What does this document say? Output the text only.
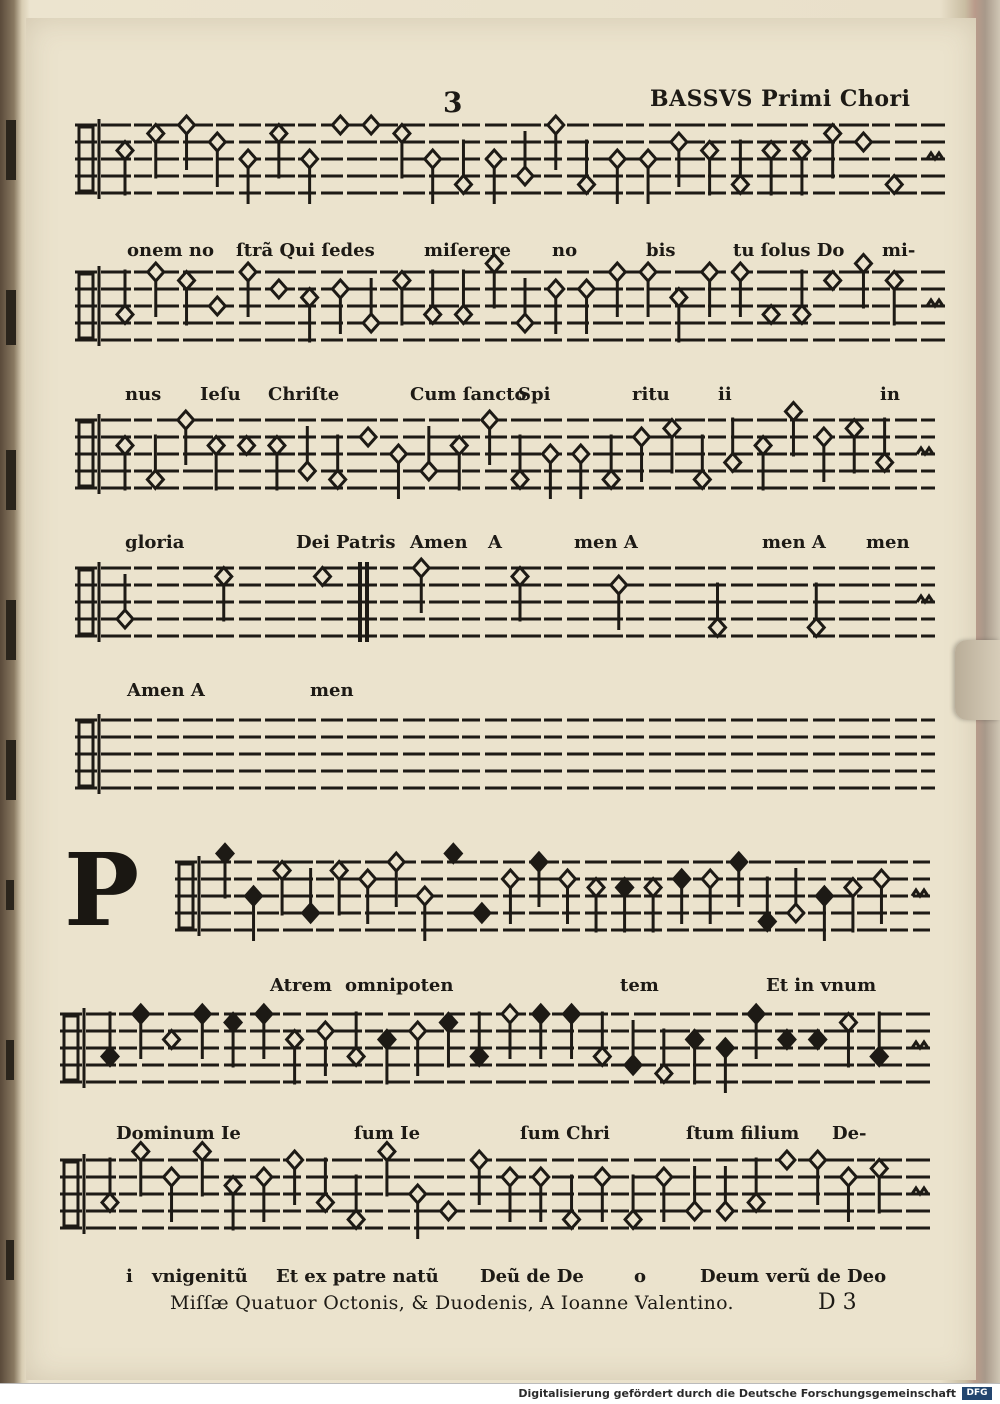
3	BASSVS Primi Chori
P
onem no ſtrã Qui ſedes	miſerere no	bis	tu ſolus Do mi-
nus Ieſu Chriſte	Cum ſancto
Spi	ritu	ii	in
gloria	Dei Patris Amen A	men A	men A men
Amen A	men
Atrem omnipoten	tem	Et in vnum
Dominum Ie	ſum Ie	ſum Chri	ſtum filium De-
i vnigenitũ Et ex patre natũ Deũ de De	o	Deum verũ de Deo
Miſſæ Quatuor Octonis, & Duodenis, A Ioanne Valentino.	D 3
Digitalisierung gefördert durch die Deutsche Forschungsgemeinschaft	DFG
